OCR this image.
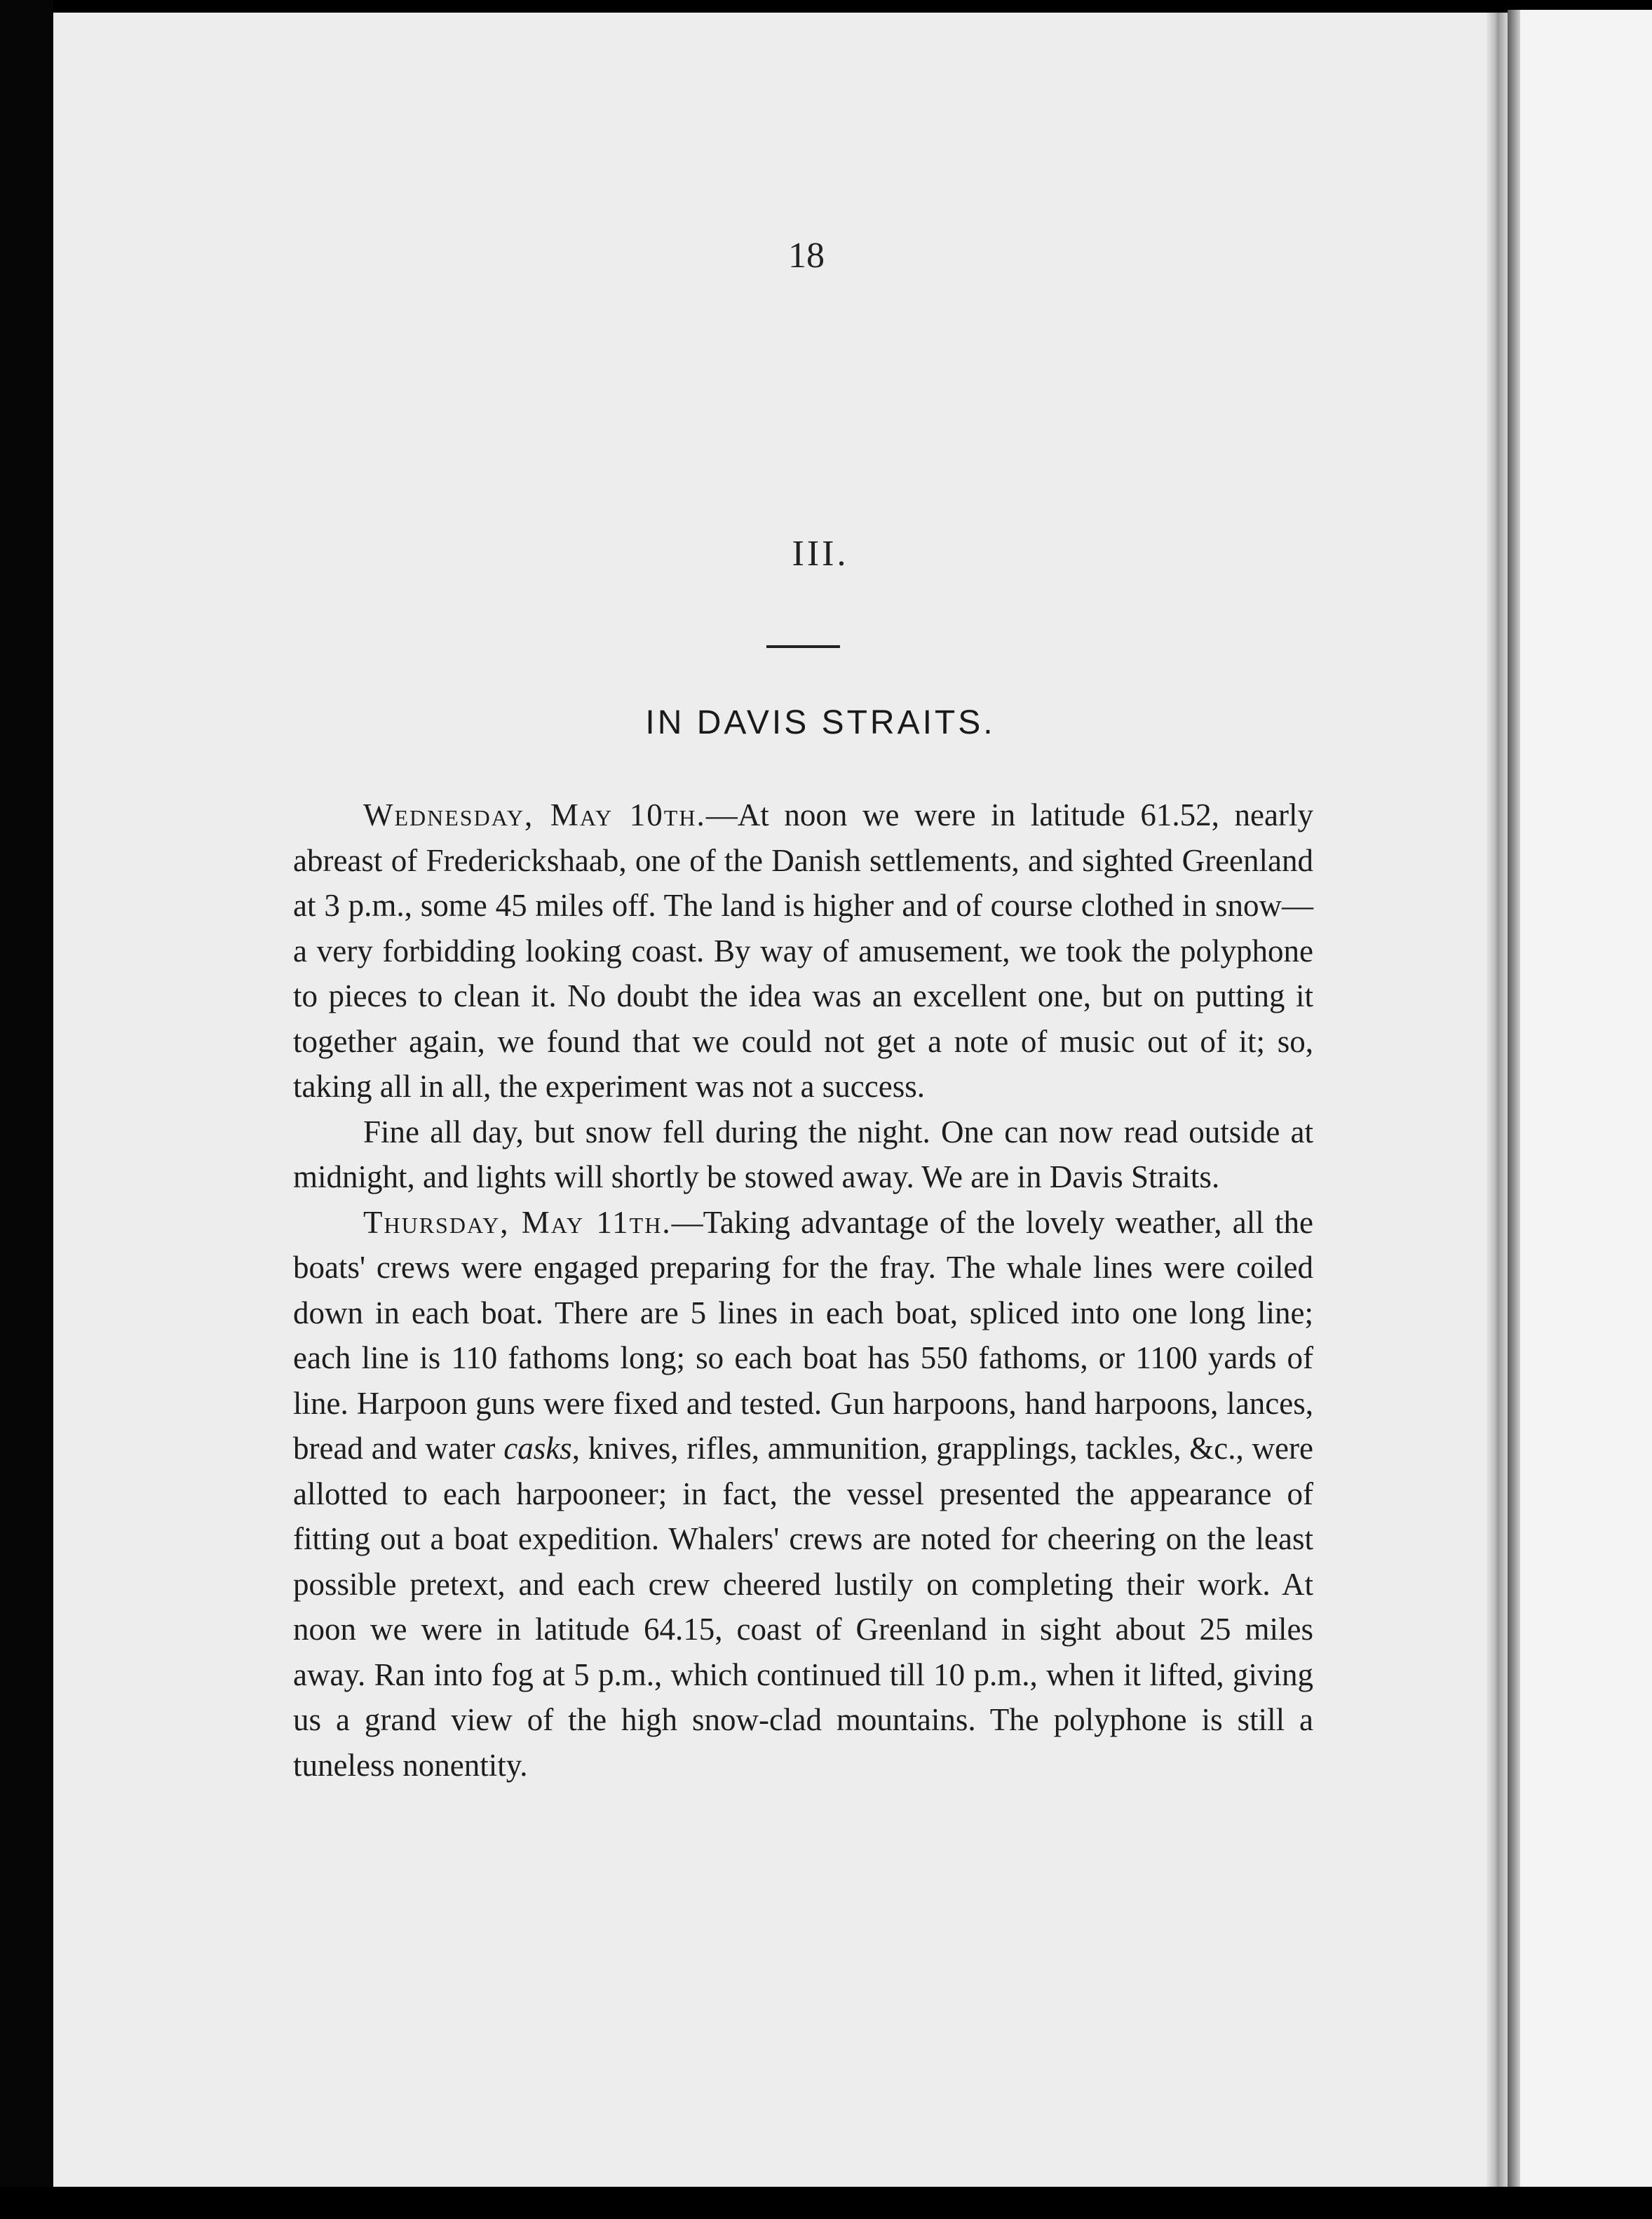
18
III.
IN DAVIS STRAITS.

Wednesday, May 10th.—At noon we were in latitude 61.52, nearly abreast of Frederickshaab, one of the Danish settlements, and sighted Greenland at 3 p.m., some 45 miles off. The land is higher and of course clothed in snow—a very forbidding looking coast. By way of amusement, we took the polyphone to pieces to clean it. No doubt the idea was an excellent one, but on putting it together again, we found that we could not get a note of music out of it; so, taking all in all, the experiment was not a success.

Fine all day, but snow fell during the night. One can now read outside at midnight, and lights will shortly be stowed away. We are in Davis Straits.

Thursday, May 11th.—Taking advantage of the lovely weather, all the boats' crews were engaged preparing for the fray. The whale lines were coiled down in each boat. There are 5 lines in each boat, spliced into one long line; each line is 110 fathoms long; so each boat has 550 fathoms, or 1100 yards of line. Harpoon guns were fixed and tested. Gun harpoons, hand harpoons, lances, bread and water casks, knives, rifles, ammunition, grapplings, tackles, &c., were allotted to each harpooneer; in fact, the vessel presented the appearance of fitting out a boat expedition. Whalers' crews are noted for cheering on the least possible pretext, and each crew cheered lustily on completing their work. At noon we were in latitude 64.15, coast of Greenland in sight about 25 miles away. Ran into fog at 5 p.m., which continued till 10 p.m., when it lifted, giving us a grand view of the high snow-clad mountains. The polyphone is still a tuneless nonentity.
